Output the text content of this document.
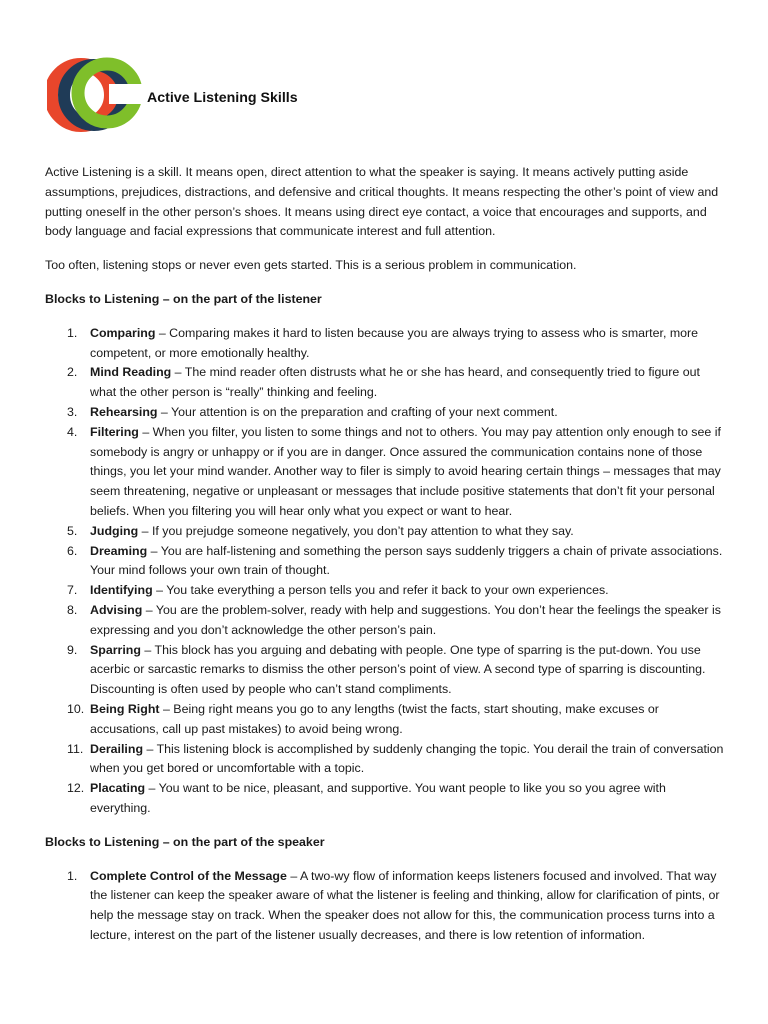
Active Listening Skills

Active Listening is a skill. It means open, direct attention to what the speaker is saying. It means actively putting aside assumptions, prejudices, distractions, and defensive and critical thoughts. It means respecting the other’s point of view and putting oneself in the other person’s shoes. It means using direct eye contact, a voice that encourages and supports, and body language and facial expressions that communicate interest and full attention.

Too often, listening stops or never even gets started. This is a serious problem in communication.

Blocks to Listening – on the part of the listener

1. Comparing – Comparing makes it hard to listen because you are always trying to assess who is smarter, more competent, or more emotionally healthy.
2. Mind Reading – The mind reader often distrusts what he or she has heard, and consequently tried to figure out what the other person is “really” thinking and feeling.
3. Rehearsing – Your attention is on the preparation and crafting of your next comment.
4. Filtering – When you filter, you listen to some things and not to others. You may pay attention only enough to see if somebody is angry or unhappy or if you are in danger. Once assured the communication contains none of those things, you let your mind wander. Another way to filer is simply to avoid hearing certain things – messages that may seem threatening, negative or unpleasant or messages that include positive statements that don’t fit your personal beliefs. When you filtering you will hear only what you expect or want to hear.
5. Judging – If you prejudge someone negatively, you don’t pay attention to what they say.
6. Dreaming – You are half-listening and something the person says suddenly triggers a chain of private associations. Your mind follows your own train of thought.
7. Identifying – You take everything a person tells you and refer it back to your own experiences.
8. Advising – You are the problem-solver, ready with help and suggestions. You don’t hear the feelings the speaker is expressing and you don’t acknowledge the other person’s pain.
9. Sparring – This block has you arguing and debating with people. One type of sparring is the put-down. You use acerbic or sarcastic remarks to dismiss the other person’s point of view. A second type of sparring is discounting. Discounting is often used by people who can’t stand compliments.
10. Being Right – Being right means you go to any lengths (twist the facts, start shouting, make excuses or accusations, call up past mistakes) to avoid being wrong.
11. Derailing – This listening block is accomplished by suddenly changing the topic. You derail the train of conversation when you get bored or uncomfortable with a topic.
12. Placating – You want to be nice, pleasant, and supportive. You want people to like you so you agree with everything.

Blocks to Listening – on the part of the speaker

1. Complete Control of the Message – A two-wy flow of information keeps listeners focused and involved. That way the listener can keep the speaker aware of what the listener is feeling and thinking, allow for clarification of pints, or help the message stay on track. When the speaker does not allow for this, the communication process turns into a lecture, interest on the part of the listener usually decreases, and there is low retention of information.
